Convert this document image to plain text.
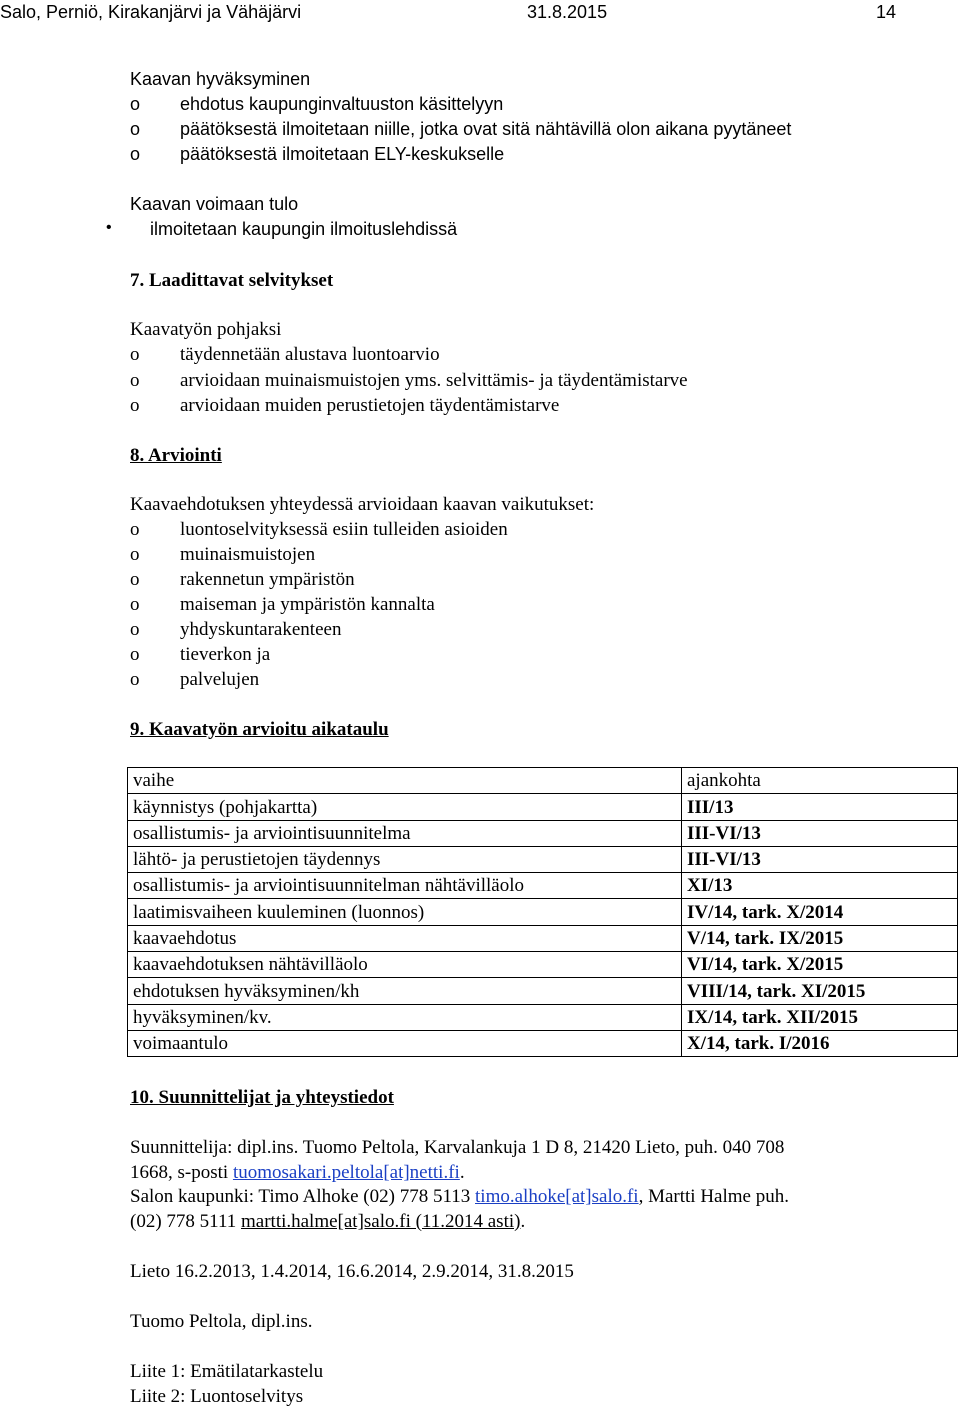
Salo, Perniö, Kirakanjärvi ja Vähäjärvi	31.8.2015	14
Kaavan hyväksyminen
o ehdotus kaupunginvaltuuston käsittelyyn
o päätöksestä ilmoitetaan niille, jotka ovat sitä nähtävillä olon aikana pyytäneet
o päätöksestä ilmoitetaan ELY-keskukselle
Kaavan voimaan tulo
• ilmoitetaan kaupungin ilmoituslehdissä
7. Laadittavat selvitykset
Kaavatyön pohjaksi
o täydennetään alustava luontoarvio
o arvioidaan muinaismuistojen yms. selvittämis- ja täydentämistarve
o arvioidaan muiden perustietojen täydentämistarve
8. Arviointi
Kaavaehdotuksen yhteydessä arvioidaan kaavan vaikutukset:
o luontoselvityksessä esiin tulleiden asioiden
o muinaismuistojen
o rakennetun ympäristön
o maiseman ja ympäristön kannalta
o yhdyskuntarakenteen
o tieverkon ja
o palvelujen
9. Kaavatyön arvioitu aikataulu
vaihe	ajankohta
käynnistys (pohjakartta)	III/13
osallistumis- ja arviointisuunnitelma	III-VI/13
lähtö- ja perustietojen täydennys	III-VI/13
osallistumis- ja arviointisuunnitelman nähtävilläolo	XI/13
laatimisvaiheen kuuleminen (luonnos)	IV/14, tark. X/2014
kaavaehdotus	V/14, tark. IX/2015
kaavaehdotuksen nähtävilläolo	VI/14, tark. X/2015
ehdotuksen hyväksyminen/kh	VIII/14, tark. XI/2015
hyväksyminen/kv.	IX/14, tark. XII/2015
voimaantulo	X/14, tark. I/2016
10. Suunnittelijat ja yhteystiedot
Suunnittelija: dipl.ins. Tuomo Peltola, Karvalankuja 1 D 8, 21420 Lieto, puh. 040 708
1668, s-posti tuomosakari.peltola[at]netti.fi.
Salon kaupunki: Timo Alhoke (02) 778 5113 timo.alhoke[at]salo.fi, Martti Halme puh.
(02) 778 5111 martti.halme[at]salo.fi (11.2014 asti).
Lieto 16.2.2013, 1.4.2014, 16.6.2014, 2.9.2014, 31.8.2015
Tuomo Peltola, dipl.ins.
Liite 1: Emätilatarkastelu
Liite 2: Luontoselvitys
